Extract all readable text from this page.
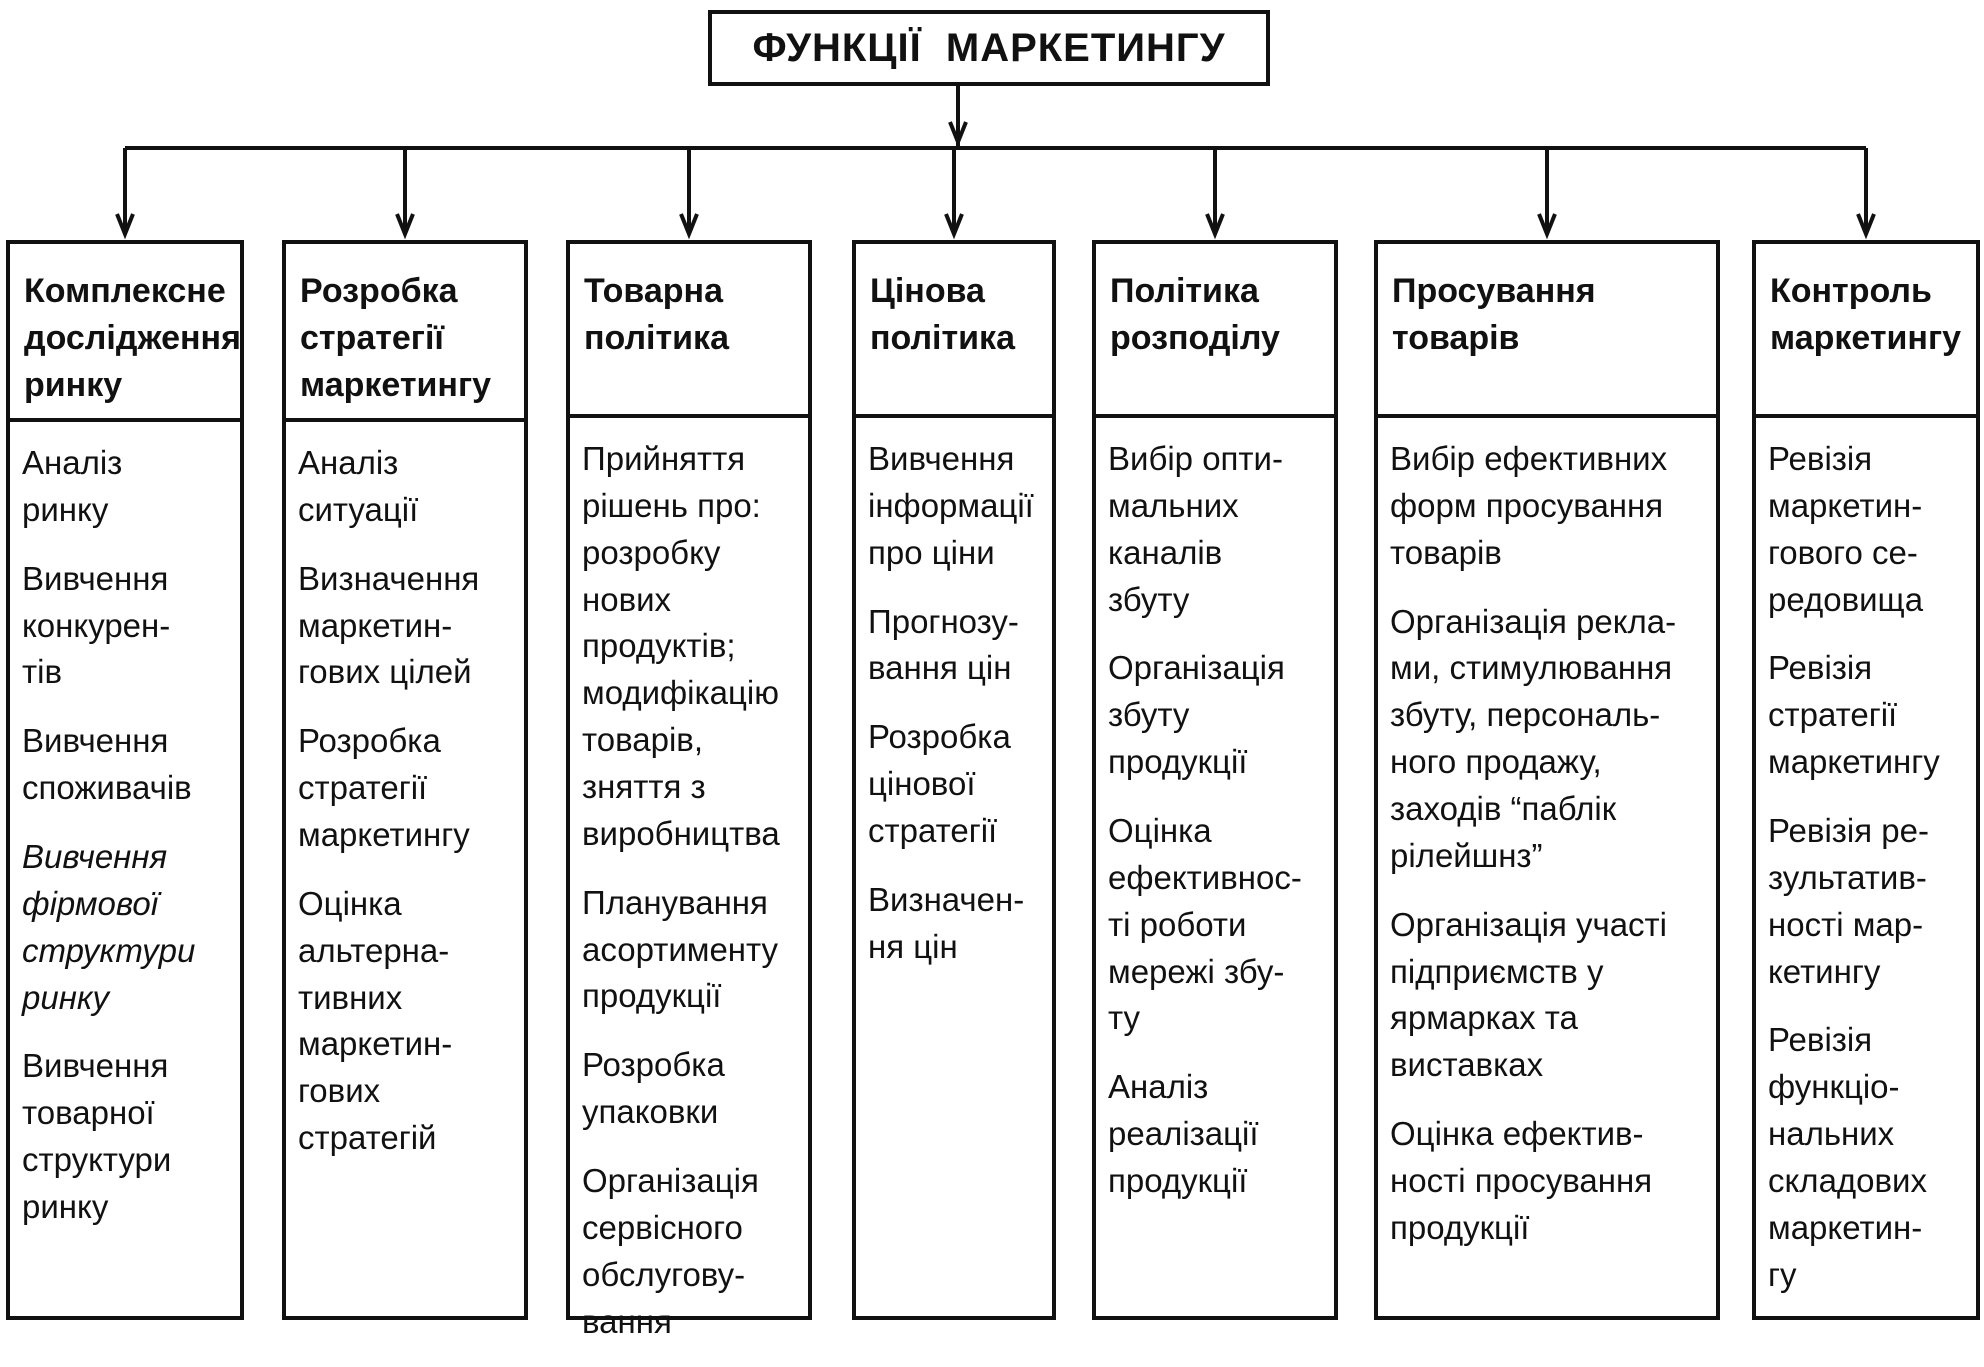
ФУНКЦІЇ  МАРКЕТИНГУ
Комплексне
дослідження
ринку
Аналіз
ринку
Вивчення
конкурен-
тів
Вивчення
споживачів
Вивчення
фірмової
структури
ринку
Вивчення
товарної
структури
ринку
Розробка
стратегії
маркетингу
Аналіз
ситуації
Визначення
маркетин-
гових цілей
Розробка
стратегії
маркетингу
Оцінка
альтерна-
тивних
маркетин-
гових
стратегій
Товарна
політика
Прийняття
рішень про:
розробку
нових
продуктів;
модифікацію
товарів,
зняття з
виробництва
Планування
асортименту
продукції
Розробка
упаковки
Організація
сервісного
обслугову-
вання
Цінова
політика
Вивчення
інформації
про ціни
Прогнозу-
вання цін
Розробка
цінової
стратегії
Визначен-
ня цін
Політика
розподілу
Вибір опти-
мальних
каналів
збуту
Організація
збуту
продукції
Оцінка
ефективнос-
ті роботи
мережі збу-
ту
Аналіз
реалізації
продукції
Просування
товарів
Вибір ефективних
форм просування
товарів
Організація рекла-
ми, стимулювання
збуту, персональ-
ного продажу,
заходів “паблік
рілейшнз”
Організація участі
підприємств у
ярмарках та
виставках
Оцінка ефектив-
ності просування
продукції
Контроль
маркетингу
Ревізія
маркетин-
гового се-
редовища
Ревізія
стратегії
маркетингу
Ревізія ре-
зультатив-
ності мар-
кетингу
Ревізія
функціо-
нальних
складових
маркетин-
гу
